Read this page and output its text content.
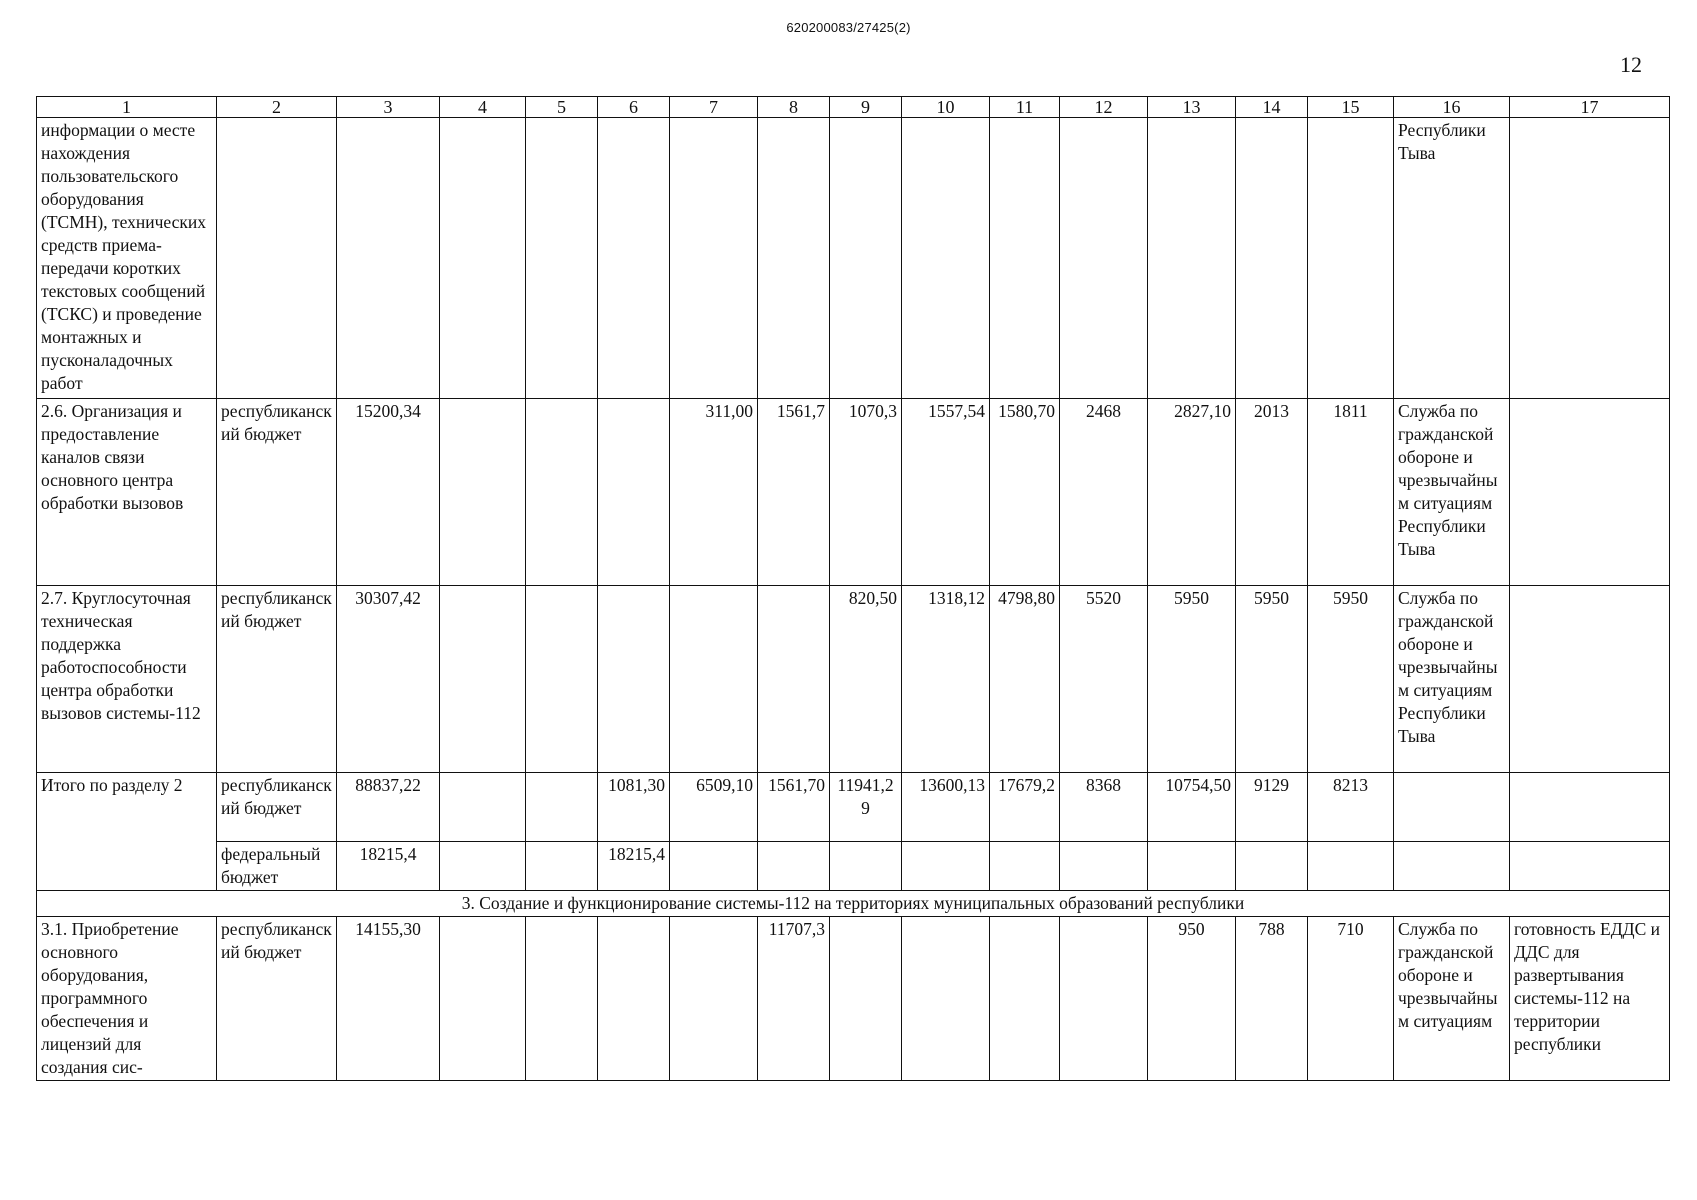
620200083/27425(2)
12
1	2	3	4	5	6	7	8	9	10	11	12	13	14	15	16	17
информации о месте нахождения пользовательского оборудования (ТСМН), технических средств приема-передачи коротких текстовых сообщений (ТСКС) и проведение монтажных и пусконаладочных работ															Республики Тыва	
2.6. Организация и предоставление каналов связи основного центра обработки вызовов	республиканский бюджет	15200,34				311,00	1561,7	1070,3	1557,54	1580,70	2468	2827,10	2013	1811	Служба по гражданской обороне и чрезвычайным ситуациям Республики Тыва	
2.7. Круглосуточная техническая поддержка работоспособности центра обработки вызовов системы-112	республиканский бюджет	30307,42						820,50	1318,12	4798,80	5520	5950	5950	5950	Служба по гражданской обороне и чрезвычайным ситуациям Республики Тыва	
Итого по разделу 2	республиканский бюджет	88837,22			1081,30	6509,10	1561,70	11941,29	13600,13	17679,2	8368	10754,50	9129	8213		
	федеральный бюджет	18215,4			18215,4											
3. Создание и функционирование системы-112 на территориях муниципальных образований республики																
3.1. Приобретение основного оборудования, программного обеспечения и лицензий для создания сис-	республиканский бюджет	14155,30					11707,3					950	788	710	Служба по гражданской обороне и чрезвычайным ситуациям	готовность ЕДДС и ДДС для развертывания системы-112 на территории республики
